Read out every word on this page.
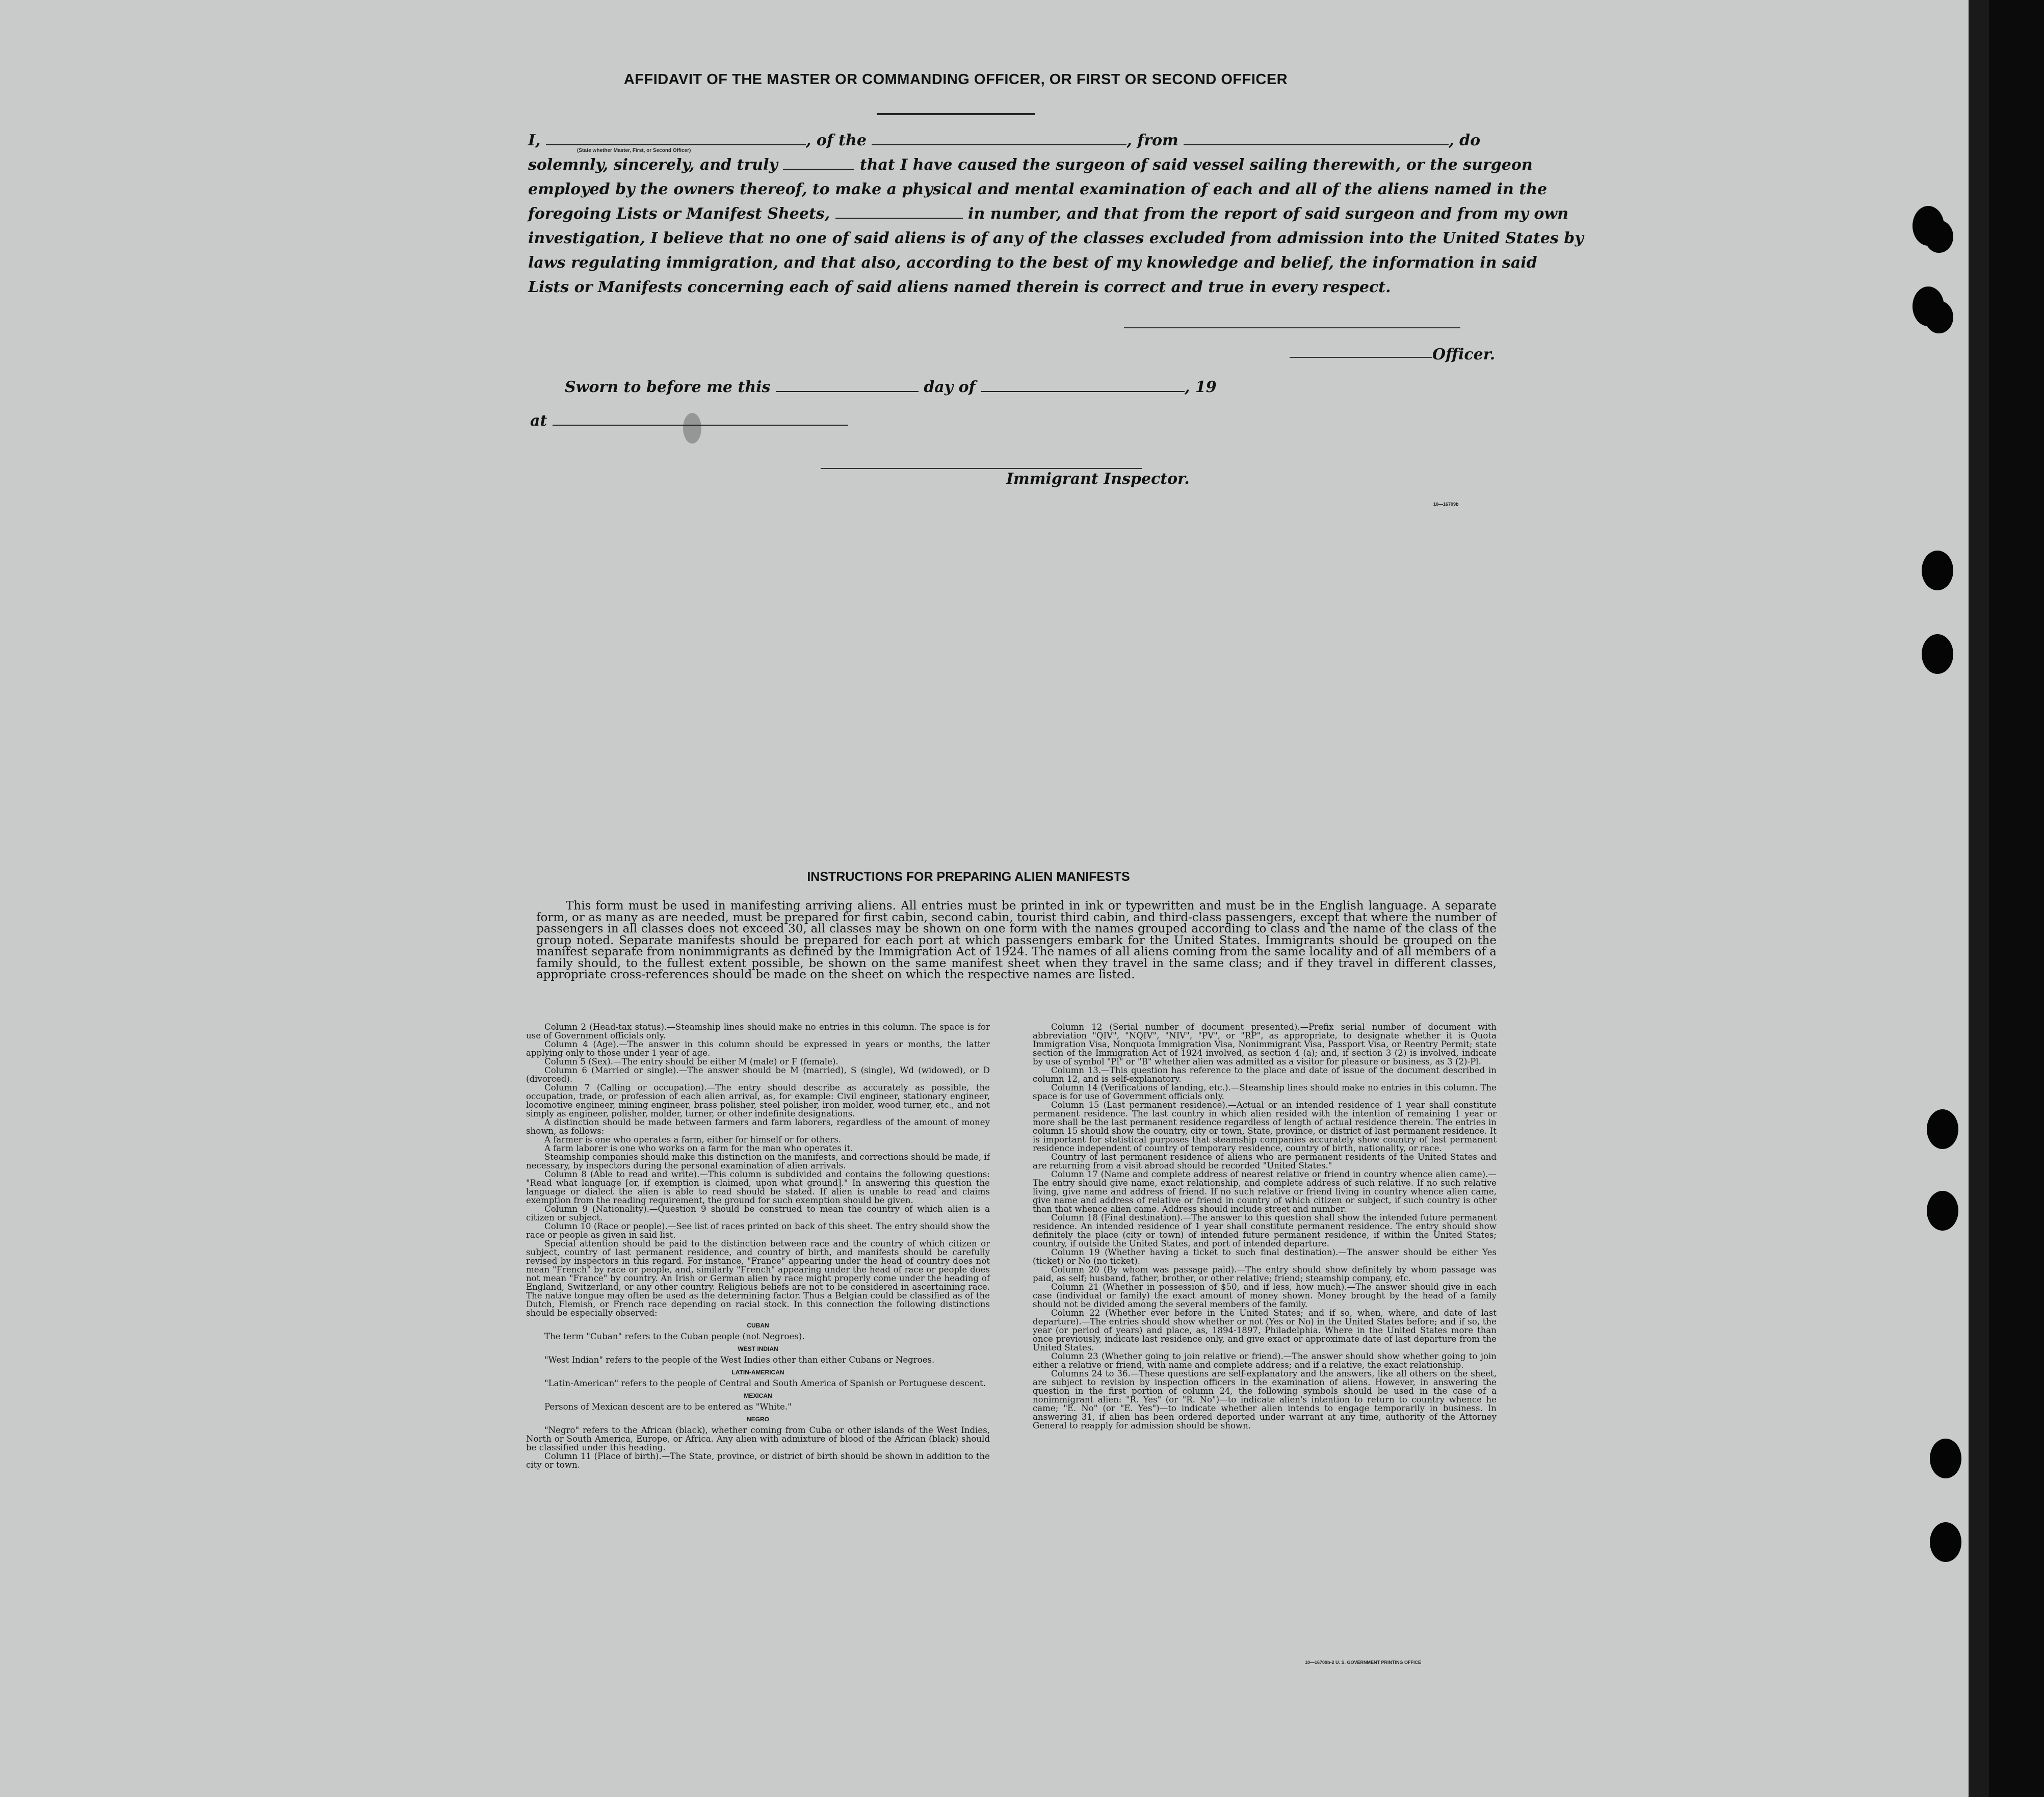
AFFIDAVIT OF THE MASTER OR COMMANDING OFFICER, OR FIRST OR SECOND OFFICER
I,	, of the	, from	, do
(State whether Master, First, or Second Officer)
solemnly, sincerely, and truly	that I have caused the surgeon of said vessel sailing therewith, or the surgeon
employed by the owners thereof, to make a physical and mental examination of each and all of the aliens named in the
foregoing Lists or Manifest Sheets,	in number, and that from the report of said surgeon and from my own
investigation, I believe that no one of said aliens is of any of the classes excluded from admission into the United States by
laws regulating immigration, and that also, according to the best of my knowledge and belief, the information in said
Lists or Manifests concerning each of said aliens named therein is correct and true in every respect.
Officer.
Sworn to before me this	day of	, 19
at
Immigrant Inspector.
10—16709b
INSTRUCTIONS FOR PREPARING ALIEN MANIFESTS
This form must be used in manifesting arriving aliens. All entries must be printed in ink or typewritten and must be in the English language. A separate form, or as many as are needed, must be prepared for first cabin, second cabin, tourist third cabin, and third-class passengers, except that where the number of passengers in all classes does not exceed 30, all classes may be shown on one form with the names grouped according to class and the name of the class of the group noted. Separate manifests should be prepared for each port at which passengers embark for the United States. Immigrants should be grouped on the manifest separate from nonimmigrants as defined by the Immigration Act of 1924. The names of all aliens coming from the same locality and of all members of a family should, to the fullest extent possible, be shown on the same manifest sheet when they travel in the same class; and if they travel in different classes, appropriate cross-references should be made on the sheet on which the respective names are listed.

Column 2 (Head-tax status).—Steamship lines should make no entries in this column. The space is for use of Government officials only.

Column 4 (Age).—The answer in this column should be expressed in years or months, the latter applying only to those under 1 year of age.

Column 5 (Sex).—The entry should be either M (male) or F (female).

Column 6 (Married or single).—The answer should be M (married), S (single), Wd (widowed), or D (divorced).

Column 7 (Calling or occupation).—The entry should describe as accurately as possible, the occupation, trade, or profession of each alien arrival, as, for example: Civil engineer, stationary engineer, locomotive engineer, mining engineer, brass polisher, steel polisher, iron molder, wood turner, etc., and not simply as engineer, polisher, molder, turner, or other indefinite designations.

A distinction should be made between farmers and farm laborers, regardless of the amount of money shown, as follows:

A farmer is one who operates a farm, either for himself or for others.

A farm laborer is one who works on a farm for the man who operates it.

Steamship companies should make this distinction on the manifests, and corrections should be made, if necessary, by inspectors during the personal examination of alien arrivals.

Column 8 (Able to read and write).—This column is subdivided and contains the following questions: "Read what language [or, if exemption is claimed, upon what ground]." In answering this question the language or dialect the alien is able to read should be stated. If alien is unable to read and claims exemption from the reading requirement, the ground for such exemption should be given.

Column 9 (Nationality).—Question 9 should be construed to mean the country of which alien is a citizen or subject.

Column 10 (Race or people).—See list of races printed on back of this sheet. The entry should show the race or people as given in said list.

Special attention should be paid to the distinction between race and the country of which citizen or subject, country of last permanent residence, and country of birth, and manifests should be carefully revised by inspectors in this regard. For instance, "France" appearing under the head of country does not mean "French" by race or people, and, similarly "French" appearing under the head of race or people does not mean "France" by country. An Irish or German alien by race might properly come under the heading of England, Switzerland, or any other country. Religious beliefs are not to be considered in ascertaining race. The native tongue may often be used as the determining factor. Thus a Belgian could be classified as of the Dutch, Flemish, or French race depending on racial stock. In this connection the following distinctions should be especially observed:

CUBAN

The term "Cuban" refers to the Cuban people (not Negroes).

WEST INDIAN

"West Indian" refers to the people of the West Indies other than either Cubans or Negroes.

LATIN-AMERICAN

"Latin-American" refers to the people of Central and South America of Spanish or Portuguese descent.

MEXICAN

Persons of Mexican descent are to be entered as "White."

NEGRO

"Negro" refers to the African (black), whether coming from Cuba or other islands of the West Indies, North or South America, Europe, or Africa. Any alien with admixture of blood of the African (black) should be classified under this heading.

Column 11 (Place of birth).—The State, province, or district of birth should be shown in addition to the city or town.

Column 12 (Serial number of document presented).—Prefix serial number of document with abbreviation "QIV", "NQIV", "NIV", "PV", or "RP", as appropriate, to designate whether it is Quota Immigration Visa, Nonquota Immigration Visa, Nonimmigrant Visa, Passport Visa, or Reentry Permit; state section of the Immigration Act of 1924 involved, as section 4 (a); and, if section 3 (2) is involved, indicate by use of symbol "Pl" or "B" whether alien was admitted as a visitor for pleasure or business, as 3 (2)-Pl.

Column 13.—This question has reference to the place and date of issue of the document described in column 12, and is self-explanatory.

Column 14 (Verifications of landing, etc.).—Steamship lines should make no entries in this column. The space is for use of Government officials only.

Column 15 (Last permanent residence).—Actual or an intended residence of 1 year shall constitute permanent residence. The last country in which alien resided with the intention of remaining 1 year or more shall be the last permanent residence regardless of length of actual residence therein. The entries in column 15 should show the country, city or town, State, province, or district of last permanent residence. It is important for statistical purposes that steamship companies accurately show country of last permanent residence independent of country of temporary residence, country of birth, nationality, or race.

Country of last permanent residence of aliens who are permanent residents of the United States and are returning from a visit abroad should be recorded "United States."

Column 17 (Name and complete address of nearest relative or friend in country whence alien came).—The entry should give name, exact relationship, and complete address of such relative. If no such relative living, give name and address of friend. If no such relative or friend living in country whence alien came, give name and address of relative or friend in country of which citizen or subject, if such country is other than that whence alien came. Address should include street and number.

Column 18 (Final destination).—The answer to this question shall show the intended future permanent residence. An intended residence of 1 year shall constitute permanent residence. The entry should show definitely the place (city or town) of intended future permanent residence, if within the United States; country, if outside the United States, and port of intended departure.

Column 19 (Whether having a ticket to such final destination).—The answer should be either Yes (ticket) or No (no ticket).

Column 20 (By whom was passage paid).—The entry should show definitely by whom passage was paid, as self; husband, father, brother, or other relative; friend; steamship company, etc.

Column 21 (Whether in possession of $50, and if less, how much).—The answer should give in each case (individual or family) the exact amount of money shown. Money brought by the head of a family should not be divided among the several members of the family.

Column 22 (Whether ever before in the United States; and if so, when, where, and date of last departure).—The entries should show whether or not (Yes or No) in the United States before; and if so, the year (or period of years) and place, as, 1894-1897, Philadelphia. Where in the United States more than once previously, indicate last residence only, and give exact or approximate date of last departure from the United States.

Column 23 (Whether going to join relative or friend).—The answer should show whether going to join either a relative or friend, with name and complete address; and if a relative, the exact relationship.

Columns 24 to 36.—These questions are self-explanatory and the answers, like all others on the sheet, are subject to revision by inspection officers in the examination of aliens. However, in answering the question in the first portion of column 24, the following symbols should be used in the case of a nonimmigrant alien: "R. Yes" (or "R. No")—to indicate alien's intention to return to country whence he came; "E. No" (or "E. Yes")—to indicate whether alien intends to engage temporarily in business. In answering 31, if alien has been ordered deported under warrant at any time, authority of the Attorney General to reapply for admission should be shown.

10—16709b-2 U. S. GOVERNMENT PRINTING OFFICE
